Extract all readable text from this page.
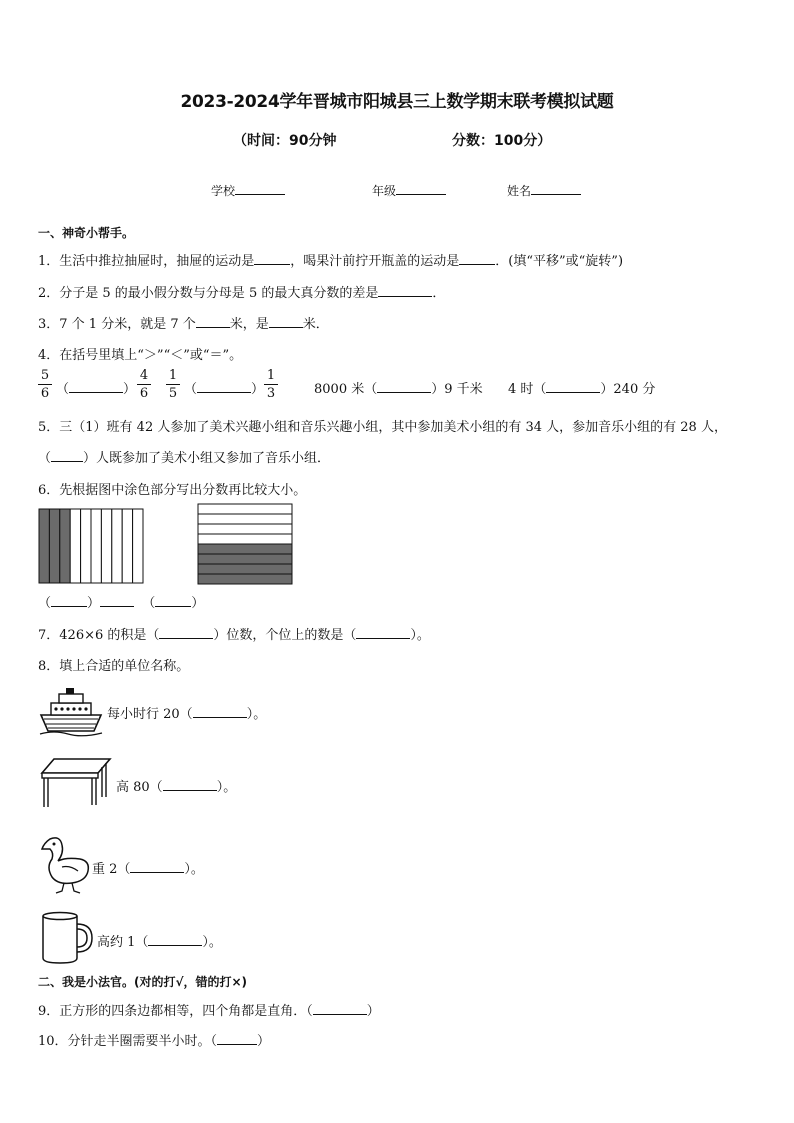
2023-2024学年晋城市阳城县三上数学期末联考模拟试题
（时间：90分钟	分数：100分）
学校	年级	姓名
一、神奇小帮手。
1．生活中推拉抽屉时，抽屉的运动是	，喝果汁前拧开瓶盖的运动是	．(填“平移”或“旋转”)
2．分子是 5 的最小假分数与分母是 5 的最大真分数的差是	．
3．7 个 1 分米，就是 7 个	米，是	米．
4．在括号里填上“＞”“＜”或“＝”。
5
6 （	）
4
6
1
5 （	）
1
3	8000 米（	）9 千米 4 时（	）240 分
5．三（1）班有 42 人参加了美术兴趣小组和音乐兴趣小组，其中参加美术小组的有 34 人，参加音乐小组的有 28 人，
（ ）人既参加了美术小组又参加了音乐小组．
6．先根据图中涂色部分写出分数再比较大小。
（	）	（	）
7．426×6 的积是（	）位数，个位上的数是（	）。
8．填上合适的单位名称。
每小时行 20（	）。
高 80（	）。
重 2（	）。
高约 1（	）。
二、我是小法官。(对的打√，错的打×)
9．正方形的四条边都相等，四个角都是直角．（	）
10．分针走半圈需要半小时。（	）
